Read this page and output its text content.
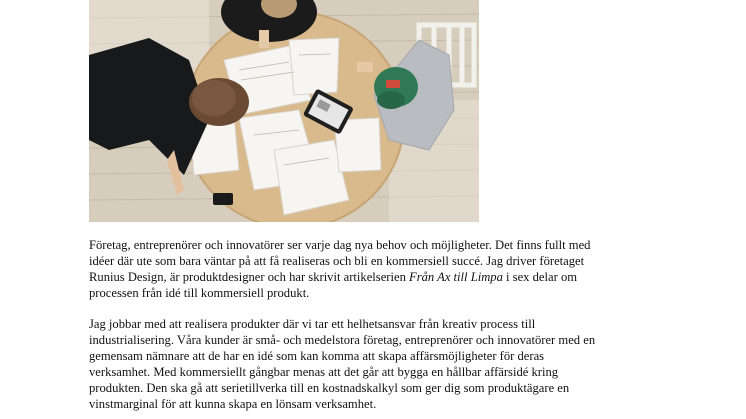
Företag, entreprenörer och innovatörer ser varje dag nya behov och möjligheter. Det finns fullt med
idéer där ute som bara väntar på att få realiseras och bli en kommersiell succé. Jag driver företaget
Runius Design, är produktdesigner och har skrivit artikelserien Från Ax till Limpa i sex delar om
processen från idé till kommersiell produkt.

Jag jobbar med att realisera produkter där vi tar ett helhetsansvar från kreativ process till
industrialisering. Våra kunder är små- och medelstora företag, entreprenörer och innovatörer med en
gemensam nämnare att de har en idé som kan komma att skapa affärsmöjligheter för deras
verksamhet. Med kommersiellt gångbar menas att det går att bygga en hållbar affärsidé kring
produkten. Den ska gå att serietillverka till en kostnadskalkyl som ger dig som produktägare en
vinstmarginal för att kunna skapa en lönsam verksamhet.
